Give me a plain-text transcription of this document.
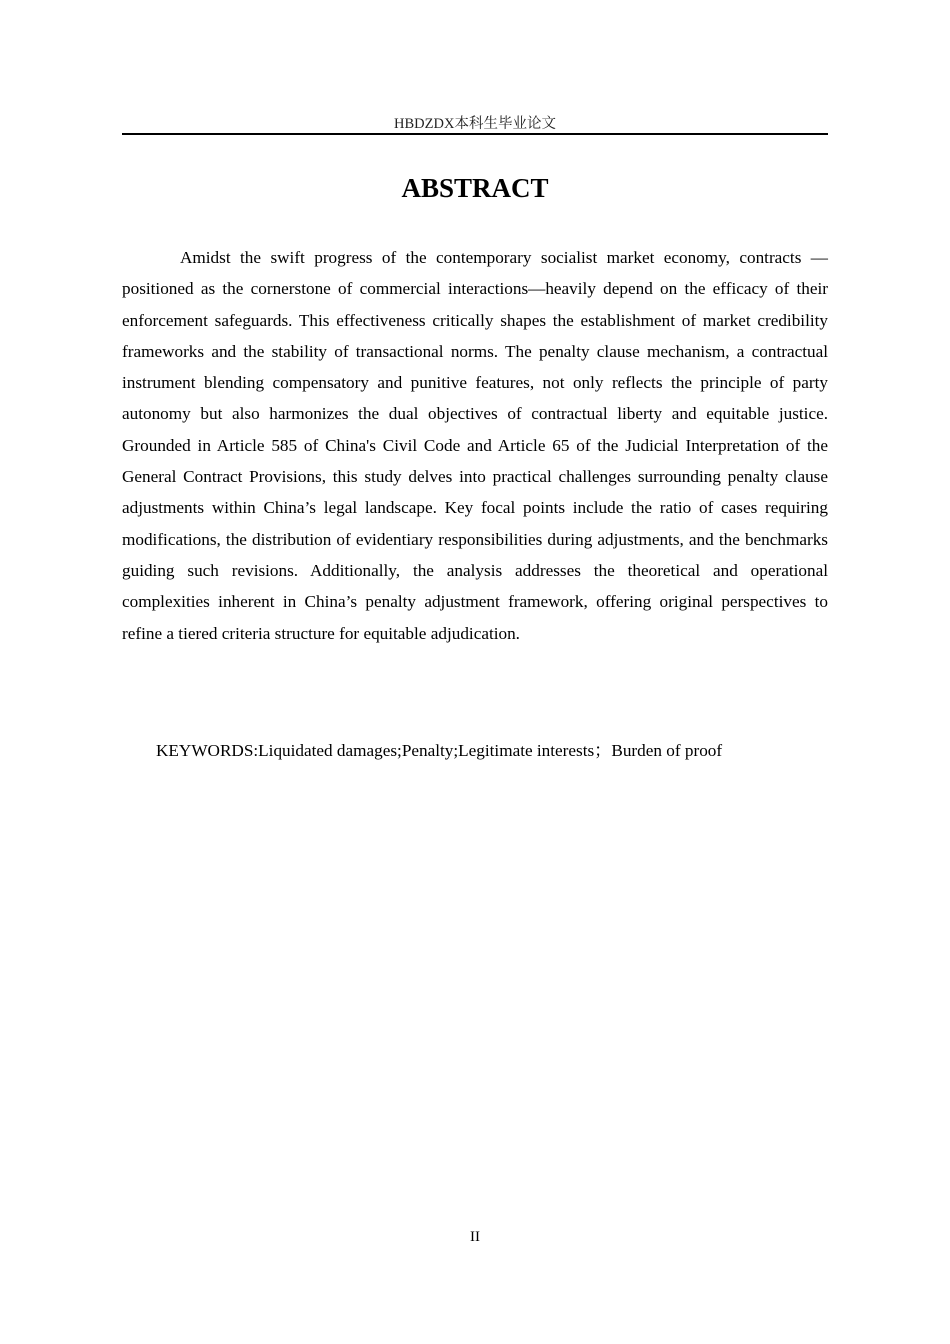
HBDZDX本科生毕业论文
ABSTRACT

Amidst the swift progress of the contemporary socialist market economy, contracts —positioned as the cornerstone of commercial interactions—heavily depend on the efficacy of their enforcement safeguards. This effectiveness critically shapes the establishment of market credibility frameworks and the stability of transactional norms. The penalty clause mechanism, a contractual instrument blending compensatory and punitive features, not only reflects the principle of party autonomy but also harmonizes the dual objectives of contractual liberty and equitable justice. Grounded in Article 585 of China's Civil Code and Article 65 of the Judicial Interpretation of the General Contract Provisions, this study delves into practical challenges surrounding penalty clause adjustments within China’s legal landscape. Key focal points include the ratio of cases requiring modifications, the distribution of evidentiary responsibilities during adjustments, and the benchmarks guiding such revisions. Additionally, the analysis addresses the theoretical and operational complexities inherent in China’s penalty adjustment framework, offering original perspectives to refine a tiered criteria structure for equitable adjudication.

KEYWORDS:Liquidated damages;Penalty;Legitimate interests；Burden of proof

II
